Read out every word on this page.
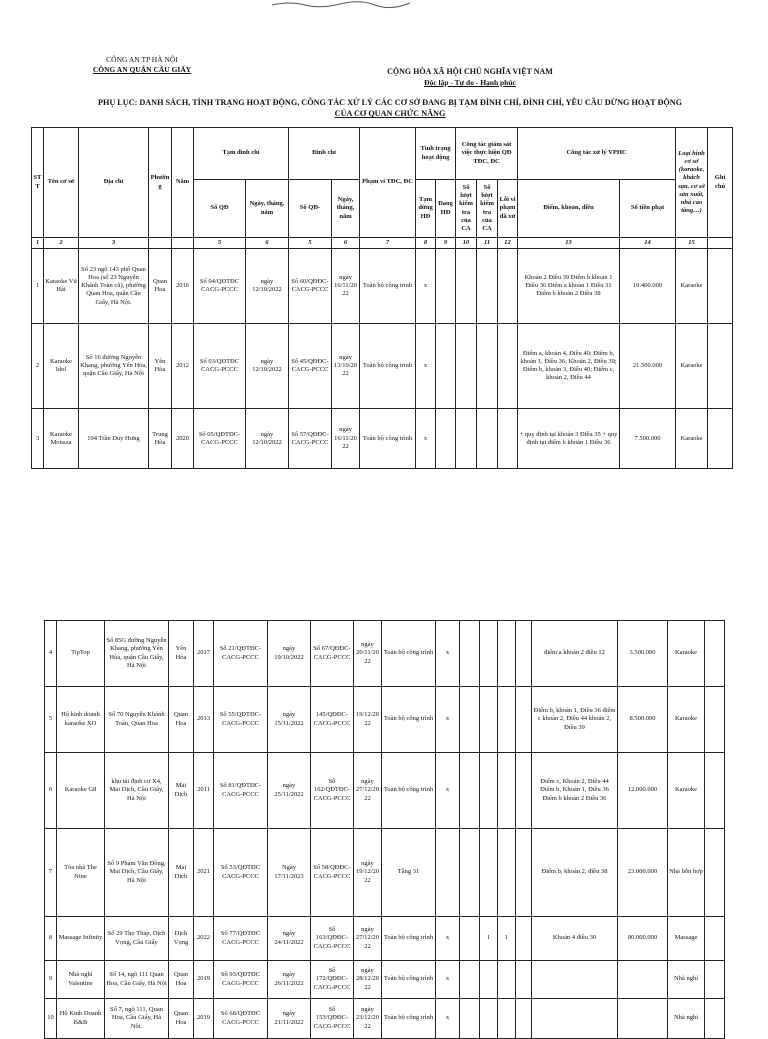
CÔNG AN TP HÀ NỘI
CÔNG AN QUẬN CẦU GIẤY	CỘNG HÒA XÃ HỘI CHỦ NGHĨA VIỆT NAM
Độc lập - Tự do - Hạnh phúc
PHỤ LỤC: DANH SÁCH, TÌNH TRẠNG HOẠT ĐỘNG, CÔNG TÁC XỬ LÝ CÁC CƠ SỞ ĐANG BỊ TẠM ĐÌNH CHỈ, ĐÌNH CHỈ, YÊU CẦU DỪNG HOẠT ĐỘNG
CỦA CƠ QUAN CHỨC NĂNG
STT	Tên cơ sở	Địa chỉ	Phường	Năm	Tạm đình chỉ		Đình chỉ		Phạm vi TĐC, ĐC	Tình trạng hoạt động		Công tác giám sát việc thực hiện QĐ TĐC, ĐC			Công tác xử lý VPHC		Loại hình cơ sở (karaoke, khách sạn, cơ sở sản xuất, nhà cao tầng…)	Ghi chú
					Số QĐ	Ngày, tháng, năm	Số QĐ-	Ngày, tháng, năm		Tạm dừng HĐ	Đang HĐ	Số lượt kiểm tra của CA	Số lượt kiểm tra của CA	Lỗi vi phạm đã xử	Điểm, khoản, điều	Số tiền phạt		

1	2	3			5	6	5	6	7	8	9	10	11	12	13	14	15	
1	Karaoke Vũ Hải	Số 23 ngõ 143 phố Quan Hoa (số 23 Nguyễn Khánh Toàn cũ), phường Quan Hoa, quận Cầu Giấy, Hà Nội.	Quan Hoa	2016	Số 04/QĐTĐC CACG-PCCC	ngày 12/10/2022	Số 60/QĐĐC-CACG-PCCC	ngày 16/11/2022	Toàn bộ công trình	x					Khoản 2 Điều 39 Điểm b khoản 1 Điều 36 Điểm a khoản 1 Điều 31 Điểm b khoản 2 Điều 38	19.400.000	Karaoke	
2	Karaoke Idol	Số 16 đường Nguyễn Khang, phường Yên Hòa, quận Cầu Giấy, Hà Nội	Yên Hòa	2012	Số 03/QĐTĐC CACG-PCCC	ngày 12/10/2022	Số 45/QĐĐC-CACG-PCCC	ngày 13/10/2022	Toàn bộ công trình	x					Điểm a, khoản 4, Điều 40; Điểm b, khoản 1, Điều 36; Khoản 2, Điều 39; Điểm b, khoản 3, Điều 40; Điểm c, khoản 2, Điều 44	21.500.000	Karaoke	
3	Karaoke Monaza	194 Trần Duy Hưng	Trung Hòa	2020	Số 05/QĐTĐC-CACG-PCCC	ngày 12/10/2022	Số 57/QĐĐC-CACG-PCCC	ngày 16/11/2022	Toàn bộ công trình	x					+ quy định tại khoản 3 Điều 35 + quy định tại điểm b khoản 1 Điều 36	7.500.000	Karaoke	
4	TipTop	Số 85G đường Nguyễn Khang, phường Yên Hòa, quận Cầu Giấy, Hà Nội	Yên Hòa	2017	Số 21/QĐTĐC-CACG-PCCC	ngày 19/10/2022	Số 67/QĐĐC-CACG-PCCC	ngày 20/11/2022	Toàn bộ công trình	x					điểm a khoản 2 điều 12	3.500.000	Karaoke	
5	Hộ kinh doanh karaoke XO	Số 70 Nguyễn Khánh Toàn, Quan Hoa	Quan Hoa	2013	Số 55/QĐTĐC-CACG-PCCC	ngày 15/11/2022	145/QĐĐC-CACG-PCCC	19/12/2022	Toàn bộ công trình	x					Điểm b, khoản 1, Điều 36 điểm c khoản 2, Điều 44 khoản 2, Điều 39	8.500.000	Karaoke	
6	Karaoke G8	khu tái định cư X4, Mai Dịch, Cầu Giấy, Hà Nội	Mai Dịch	2011	Số 81/QĐTĐC-CACG-PCCC	ngày 25/11/2022	Số 162/QĐTĐC-CACG-PCCC	ngày 27/12/2022	Toàn bộ công trình	x					Điểm c, Khoản 2, Điều 44 Điểm b, Khoản 1, Điều 36 Điểm b khoản 2 Điều 36	12.000.000	Karaoke	
7	Tòa nhà The Nine	Số 9 Phạm Văn Đồng, Mai Dịch, Cầu Giấy, Hà Nội	Mai Dịch	2021	Số 53/QĐTĐC CACG-PCCC	Ngày 17/11/2023	Số 58/QĐĐC-CACG-PCCC	ngày 19/12/2022	Tầng 31						Điểm b, khoản 2, điều 38	23.000.000	Nhà hỗn hợp	
8	Massage Infinity	Số 29 Thọ Tháp, Dịch Vọng, Cầu Giấy	Dịch Vọng	2022	Số 77/QĐTĐC CACG-PCCC	ngày 24/11/2022	Số 163/QĐĐC-CACG-PCCC	ngày 27/12/2022	Toàn bộ công trình	x		1	1		Khoản 4 điều 30	80.000.000	Massage	
9	Nhà nghỉ Valentine	Số 14, ngõ 111 Quan Hoa, Cầu Giấy, Hà Nội	Quan Hoa	2019	Số 93/QĐTĐC CACG-PCCC	ngày 26/11/2022	Số 172/QĐĐC-CACG-PCCC	ngày 28/12/2022	Toàn bộ công trình	x							Nhà nghỉ	
10	Hộ Kinh Doanh B&B	Số 7, ngõ 111, Quan Hoa, Cầu Giấy, Hà Nội.	Quan Hoa	2019	Số 68/QĐTĐC CACG-PCCC	ngày 21/11/2022	Số 153/QĐĐC-CACG-PCCC	ngày 23/12/2022	Toàn bộ công trình	x							Nhà nghỉ	
